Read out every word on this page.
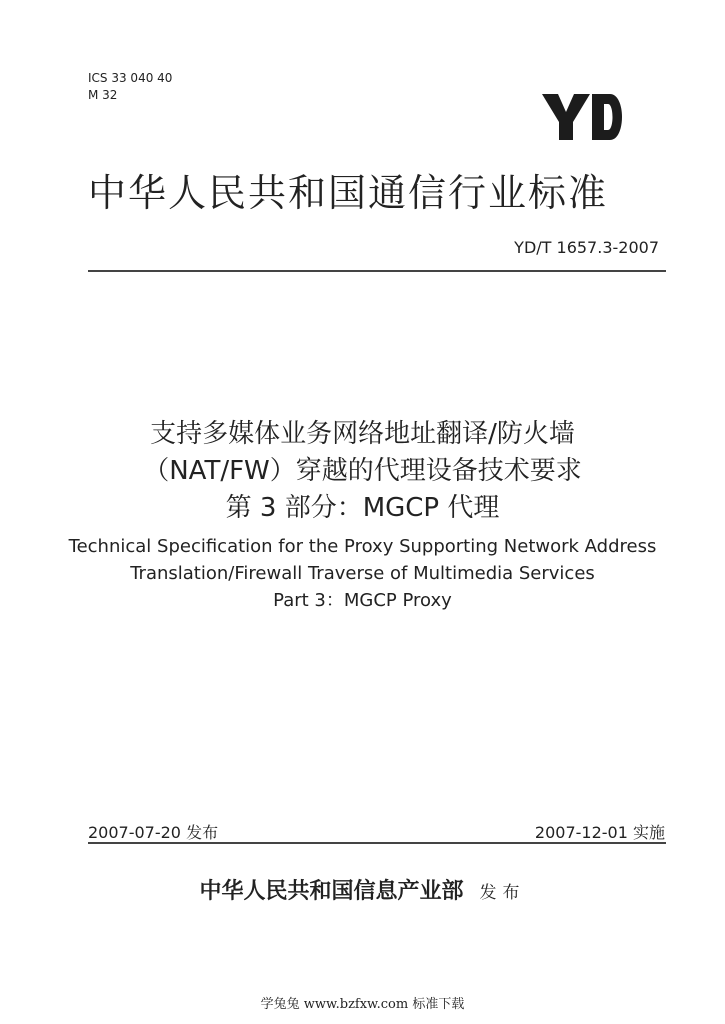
ICS 33 040 40
M 32
中华人民共和国通信行业标准
YD/T 1657.3-2007
支持多媒体业务网络地址翻译/防火墙
（NAT/FW）穿越的代理设备技术要求
第 3 部分：MGCP 代理
Technical Specification for the Proxy Supporting Network Address
Translation/Firewall Traverse of Multimedia Services
Part 3：MGCP Proxy
2007-07-20 发布	2007-12-01 实施
中华人民共和国信息产业部 发布
学兔兔 www.bzfxw.com 标准下载
